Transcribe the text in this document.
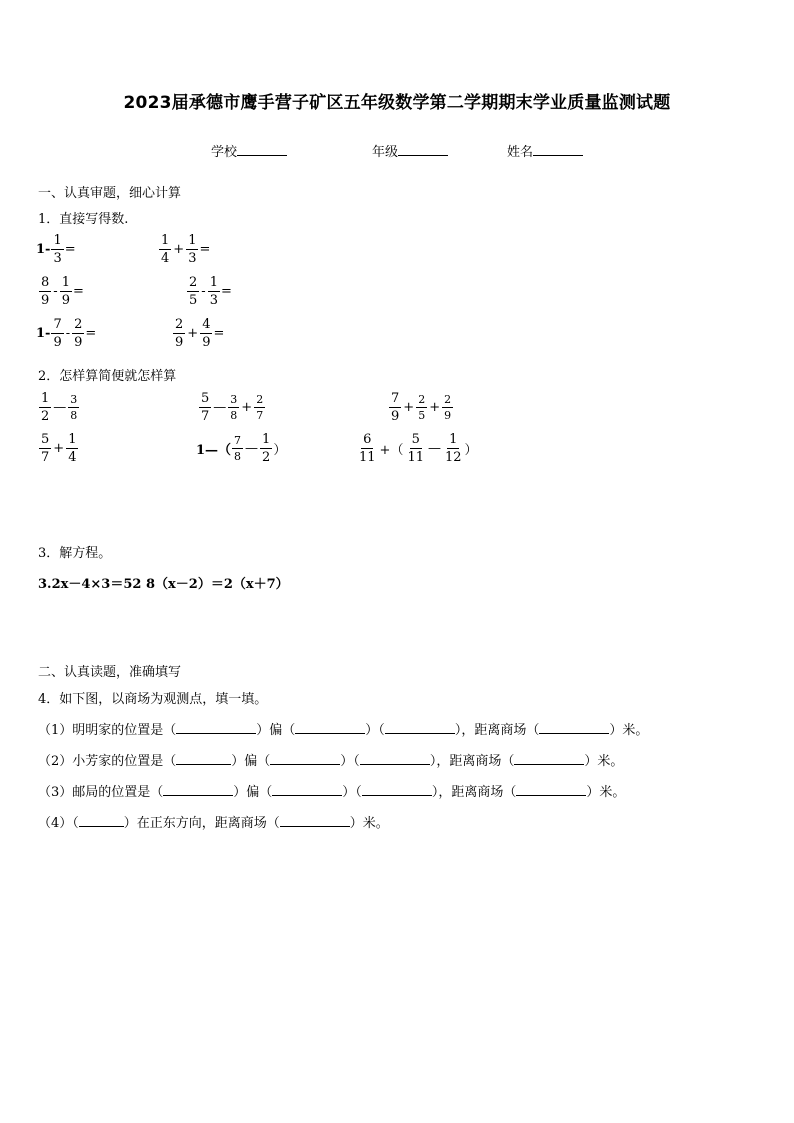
2023届承德市鹰手营子矿区五年级数学第二学期期末学业质量监测试题
学校	年级	姓名
一、认真审题，细心计算
1．直接写得数.
$1- \frac{1}{3}$ =	$\frac{1}{4} + \frac{1}{3}$ =
$\frac{8}{9} - \frac{1}{9}$ =	$\frac{2}{5} - \frac{1}{3}$ =
$1- \frac{7}{9} - \frac{2}{9}$ =	$\frac{2}{9} + \frac{4}{9}$ =
2．怎样算简便就怎样算
$\frac{1}{2}$ — $\frac{3}{8}$	$\frac{5}{7}$ — $\frac{3}{8} + \frac{2}{7}$	$\frac{7}{9} + \frac{2}{5} + \frac{2}{9}$
$\frac{5}{7} + \frac{1}{4}$	1—（ $\frac{7}{8}$ — $\frac{1}{2}$ ）	$\frac{6}{11}$ +（ $\frac{5}{11}$ — $\frac{1}{12}$ ）
3．解方程。
3.2x－4×3＝52 8（x－2）＝2（x＋7）
二、认真读题，准确填写
4．如下图，以商场为观测点，填一填。
（1）明明家的位置是（	）偏（	）（	），距离商场（	）米。
（2）小芳家的位置是（	）偏（	）（	），距离商场（	）米。
（3）邮局的位置是（	）偏（	）（	），距离商场（	）米。
（4）（	）在正东方向，距离商场（	）米。
